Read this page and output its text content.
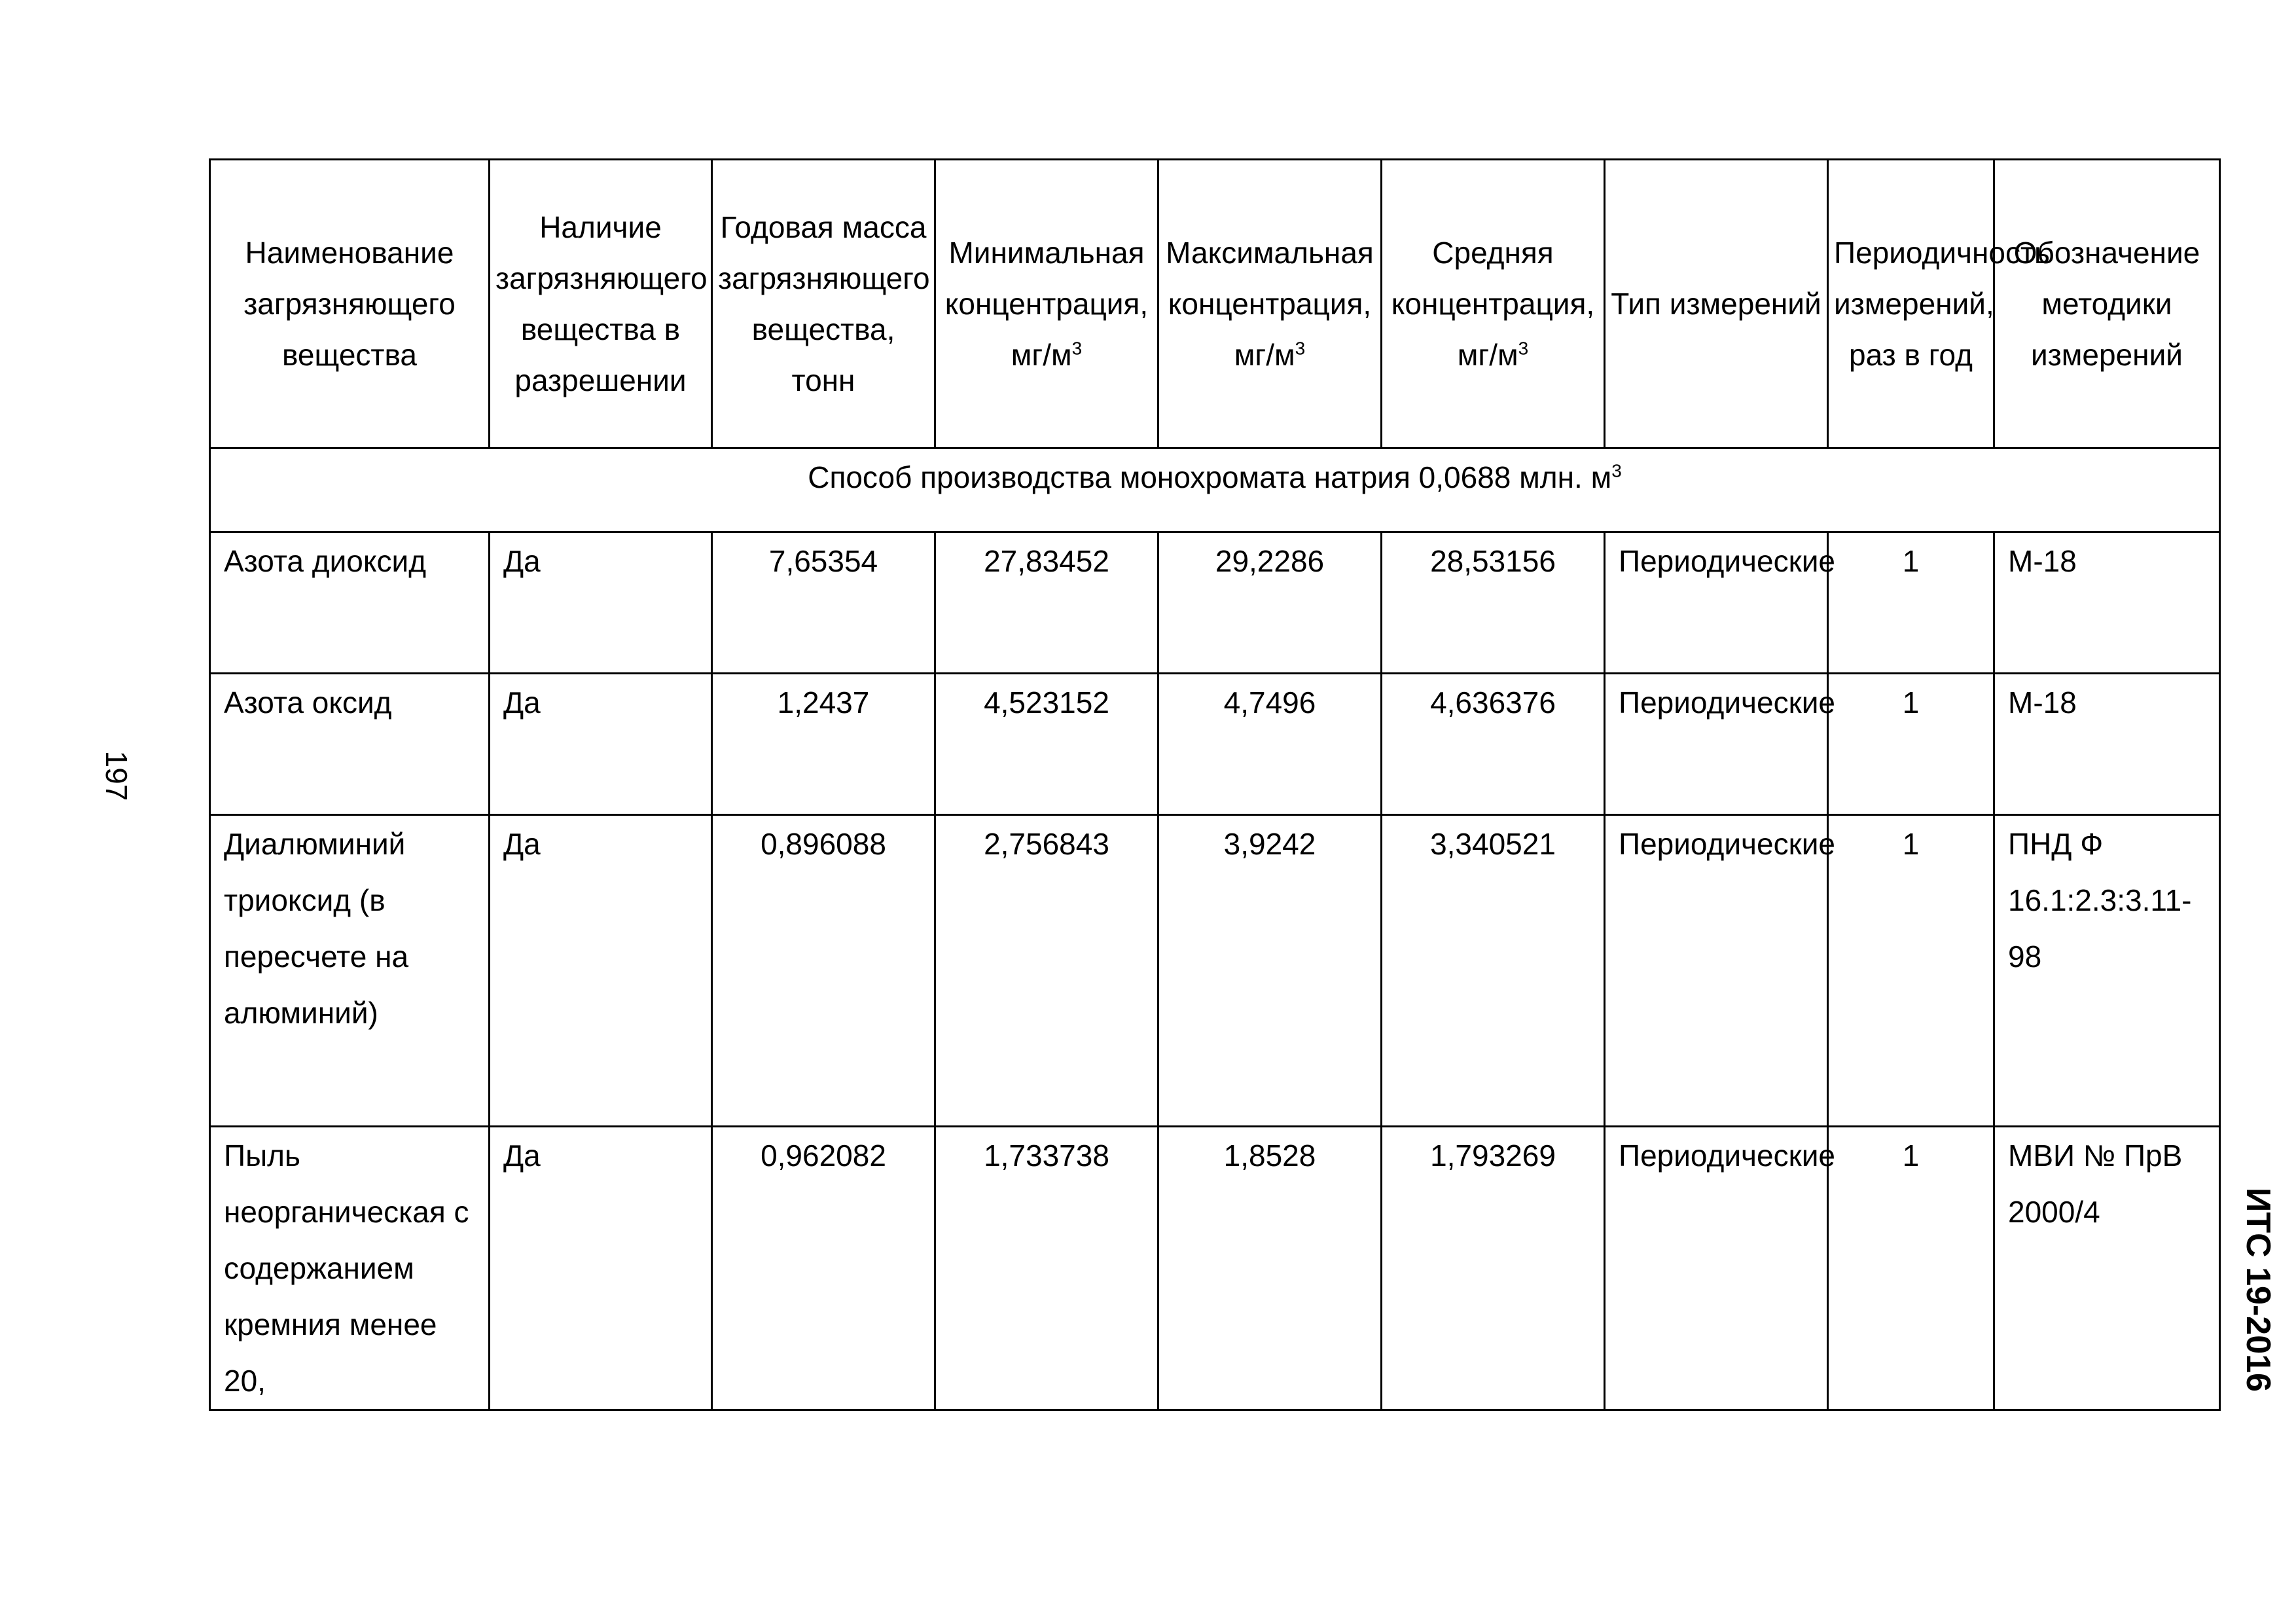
197
ИТС 19-2016
Наименование загрязняющего вещества	Наличие загрязняющего вещества в разрешении	Годовая масса загрязняющего вещества, тонн	Минимальная концентрация, $мг/м^3$	Максимальная концентрация, $мг/м^3$	Средняя концентрация, $мг/м^3$	Тип измерений	Периодичность измерений, раз в год	Обозначение методики измерений
Способ производства монохромата натрия 0,0688 млн. $м^3$
Азота диоксид	Да	7,65354	27,83452	29,2286	28,53156	Периодические	1	М-18
Азота оксид	Да	1,2437	4,523152	4,7496	4,636376	Периодические	1	М-18
Диалюминий триоксид (в пересчете на алюминий)	Да	0,896088	2,756843	3,9242	3,340521	Периодические	1	ПНД Ф 16.1:2.3:3.11-98
Пыль неорганическая с содержанием кремния менее 20,	Да	0,962082	1,733738	1,8528	1,793269	Периодические	1	МВИ № ПрВ 2000/4
